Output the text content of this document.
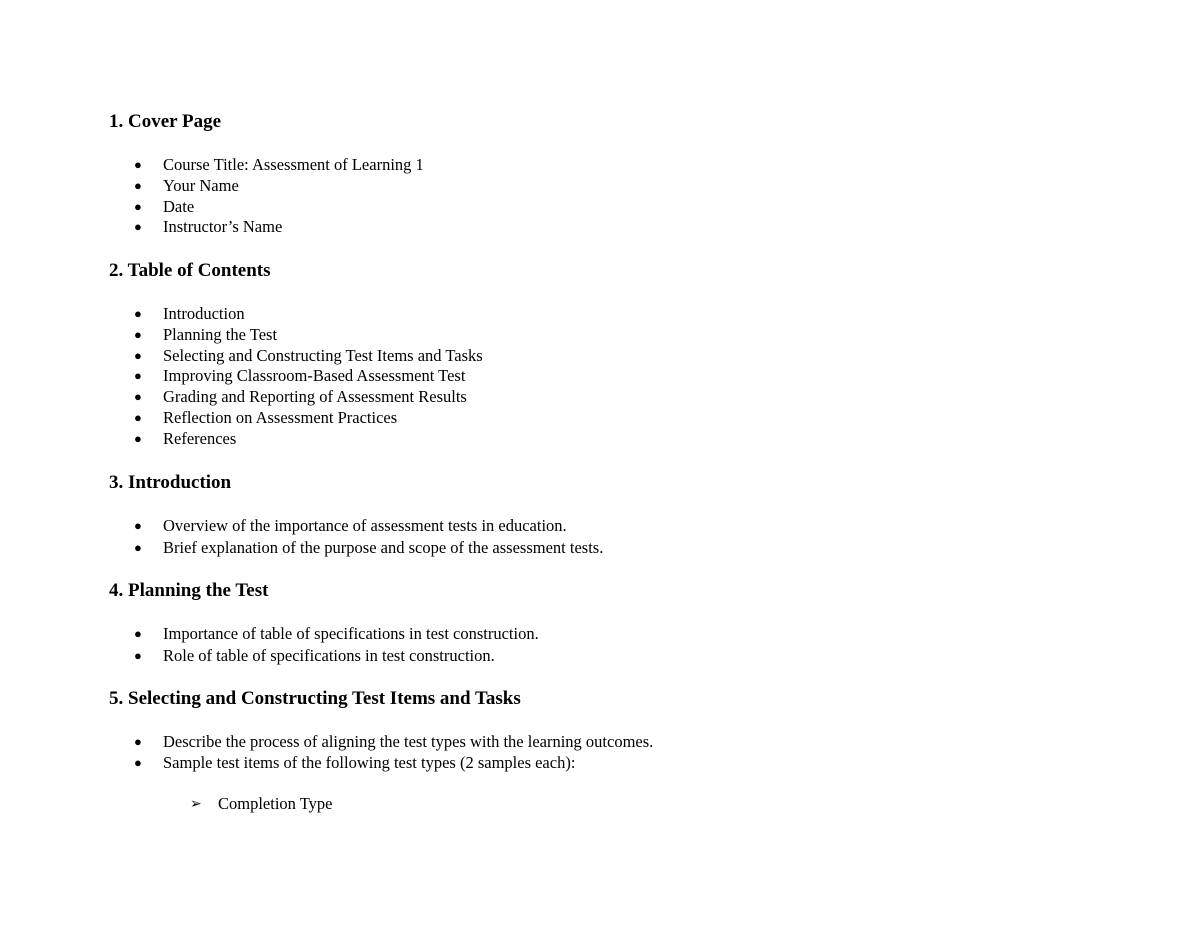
1. Cover Page
● Course Title: Assessment of Learning 1
● Your Name
● Date
● Instructor’s Name
2. Table of Contents
● Introduction
● Planning the Test
● Selecting and Constructing Test Items and Tasks
● Improving Classroom-Based Assessment Test
● Grading and Reporting of Assessment Results
● Reflection on Assessment Practices
● References
3. Introduction
● Overview of the importance of assessment tests in education.
● Brief explanation of the purpose and scope of the assessment tests.
4. Planning the Test
● Importance of table of specifications in test construction.
● Role of table of specifications in test construction.
5. Selecting and Constructing Test Items and Tasks
● Describe the process of aligning the test types with the learning outcomes.
● Sample test items of the following test types (2 samples each):
➢ Completion Type
